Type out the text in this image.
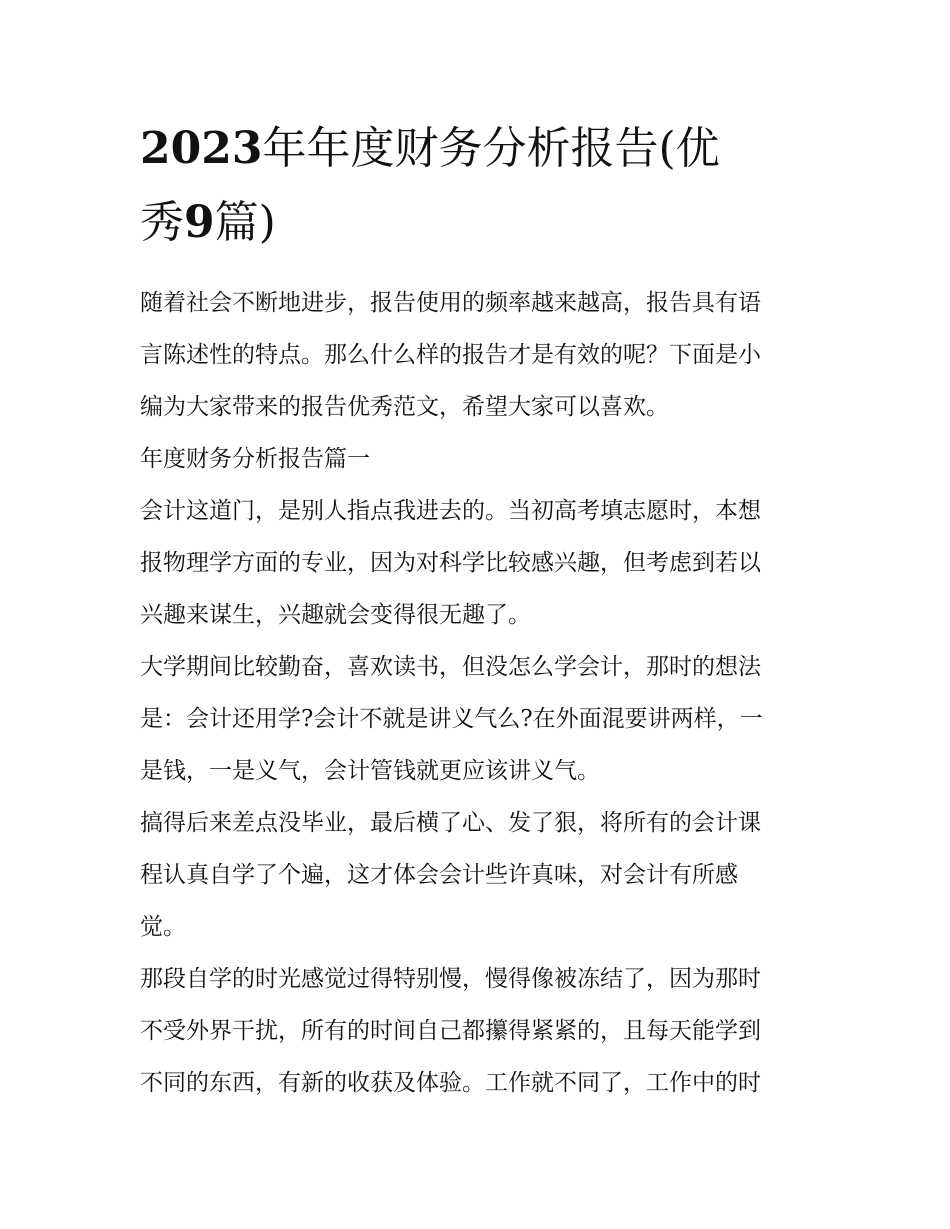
2023年年度财务分析报告(优
秀9篇)

随着社会不断地进步，报告使用的频率越来越高，报告具有语
言陈述性的特点。那么什么样的报告才是有效的呢？下面是小
编为大家带来的报告优秀范文，希望大家可以喜欢。

年度财务分析报告篇一

会计这道门，是别人指点我进去的。当初高考填志愿时，本想
报物理学方面的专业，因为对科学比较感兴趣，但考虑到若以
兴趣来谋生，兴趣就会变得很无趣了。

大学期间比较勤奋，喜欢读书，但没怎么学会计，那时的想法
是：会计还用学?会计不就是讲义气么?在外面混要讲两样，一
是钱，一是义气，会计管钱就更应该讲义气。

搞得后来差点没毕业，最后横了心、发了狠，将所有的会计课
程认真自学了个遍，这才体会会计些许真味，对会计有所感
觉。

那段自学的时光感觉过得特别慢，慢得像被冻结了，因为那时
不受外界干扰，所有的时间自己都攥得紧紧的，且每天能学到
不同的东西，有新的收获及体验。工作就不同了，工作中的时
